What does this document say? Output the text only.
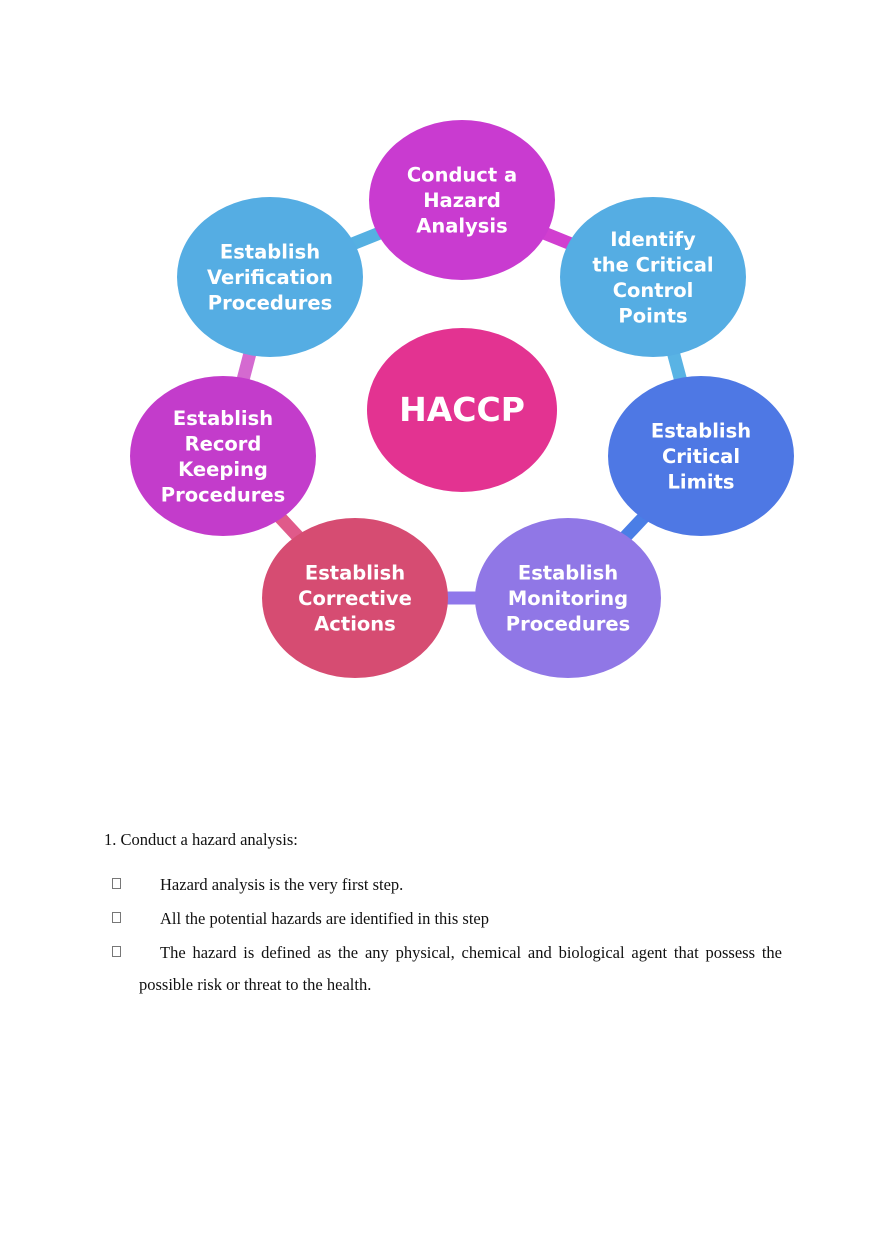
Conduct a
Hazard
Analysis
Identify
the Critical
Control
Points
Establish
Critical
Limits
Establish
Monitoring
Procedures
Establish
Corrective
Actions
Establish
Record
Keeping
Procedures
Establish
Verification
Procedures
HACCP
1. Conduct a hazard analysis:
Hazard analysis is the very first step.
All the potential hazards are identified in this step
The hazard is defined as the any physical, chemical and biological agent that possess the possible risk or threat to the health.
